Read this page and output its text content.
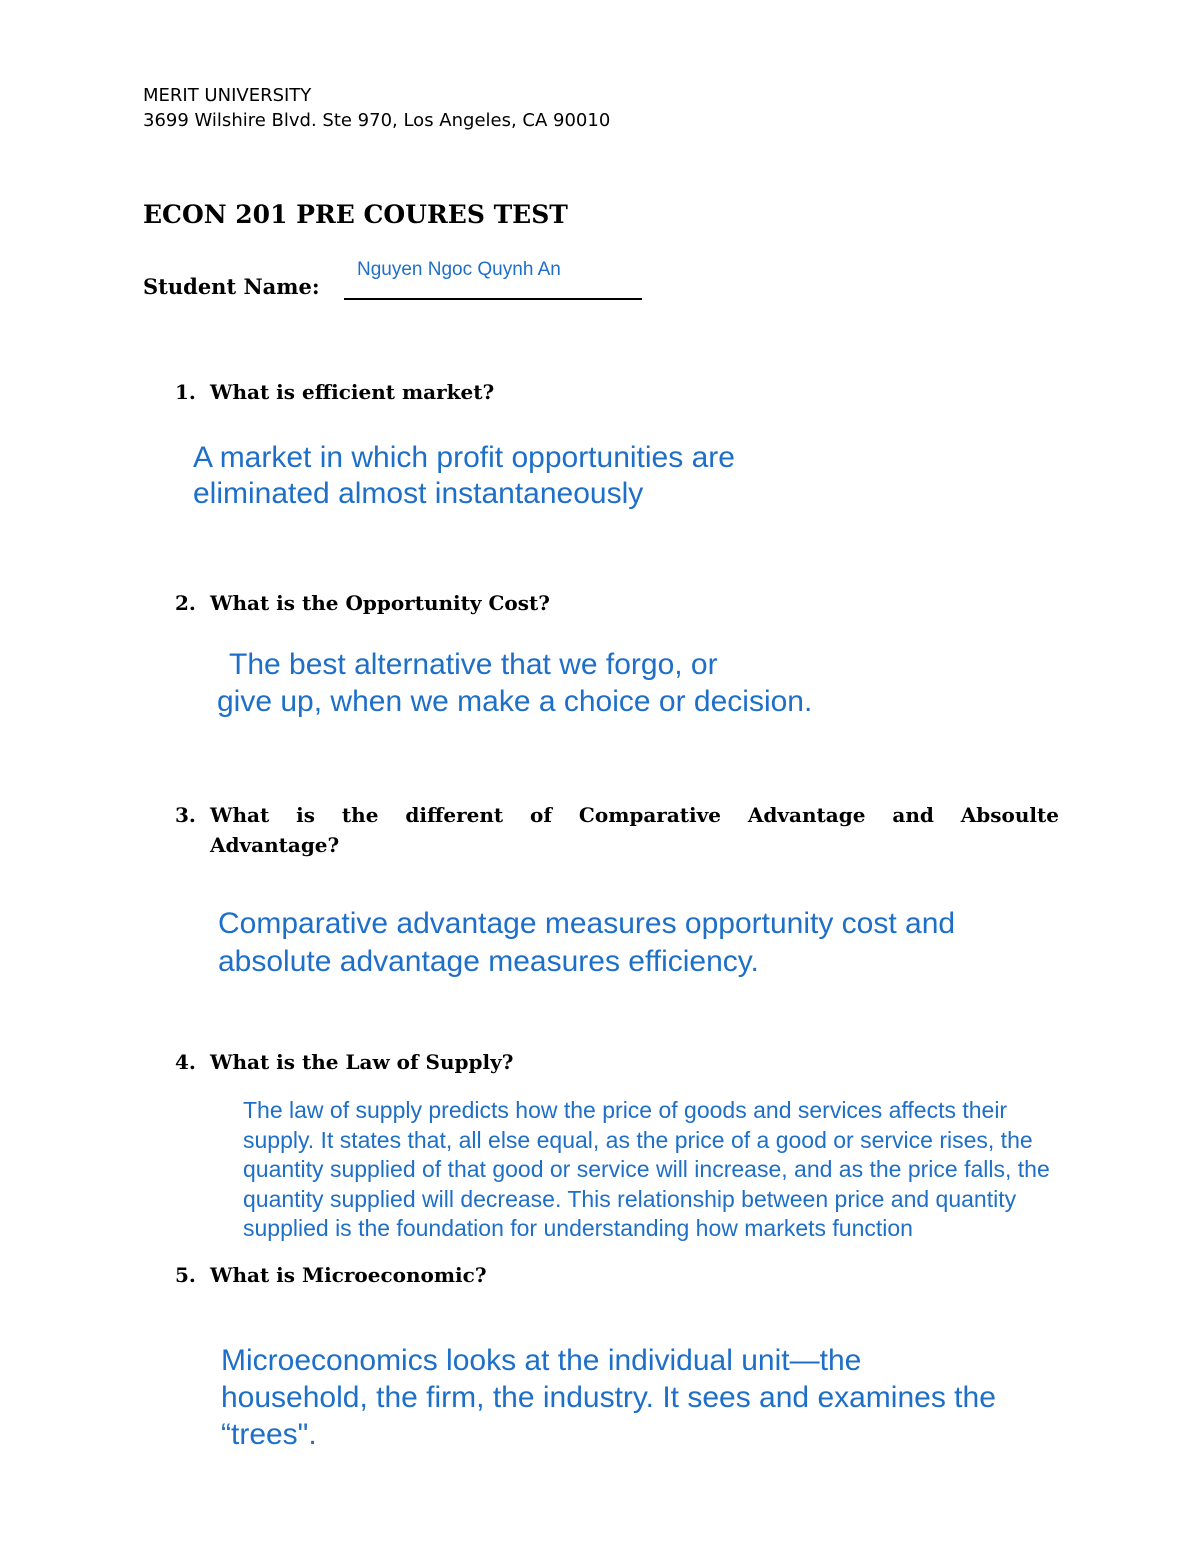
MERIT UNIVERSITY
3699 Wilshire Blvd. Ste 970, Los Angeles, CA 90010
ECON 201 PRE COURES TEST
Student Name:
Nguyen Ngoc Quynh An
1. What is efficient market?
A market in which profit opportunities are
eliminated almost instantaneously
2. What is the Opportunity Cost?
The best alternative that we forgo, or
give up, when we make a choice or decision.
3. What is the different of Comparative Advantage and Absoulte
Advantage?
Comparative advantage measures opportunity cost and
absolute advantage measures efficiency.
4. What is the Law of Supply?
The law of supply predicts how the price of goods and services affects their
supply. It states that, all else equal, as the price of a good or service rises, the
quantity supplied of that good or service will increase, and as the price falls, the
quantity supplied will decrease. This relationship between price and quantity
supplied is the foundation for understanding how markets function
5. What is Microeconomic?
Microeconomics looks at the individual unit—the
household, the firm, the industry. It sees and examines the
“trees".
